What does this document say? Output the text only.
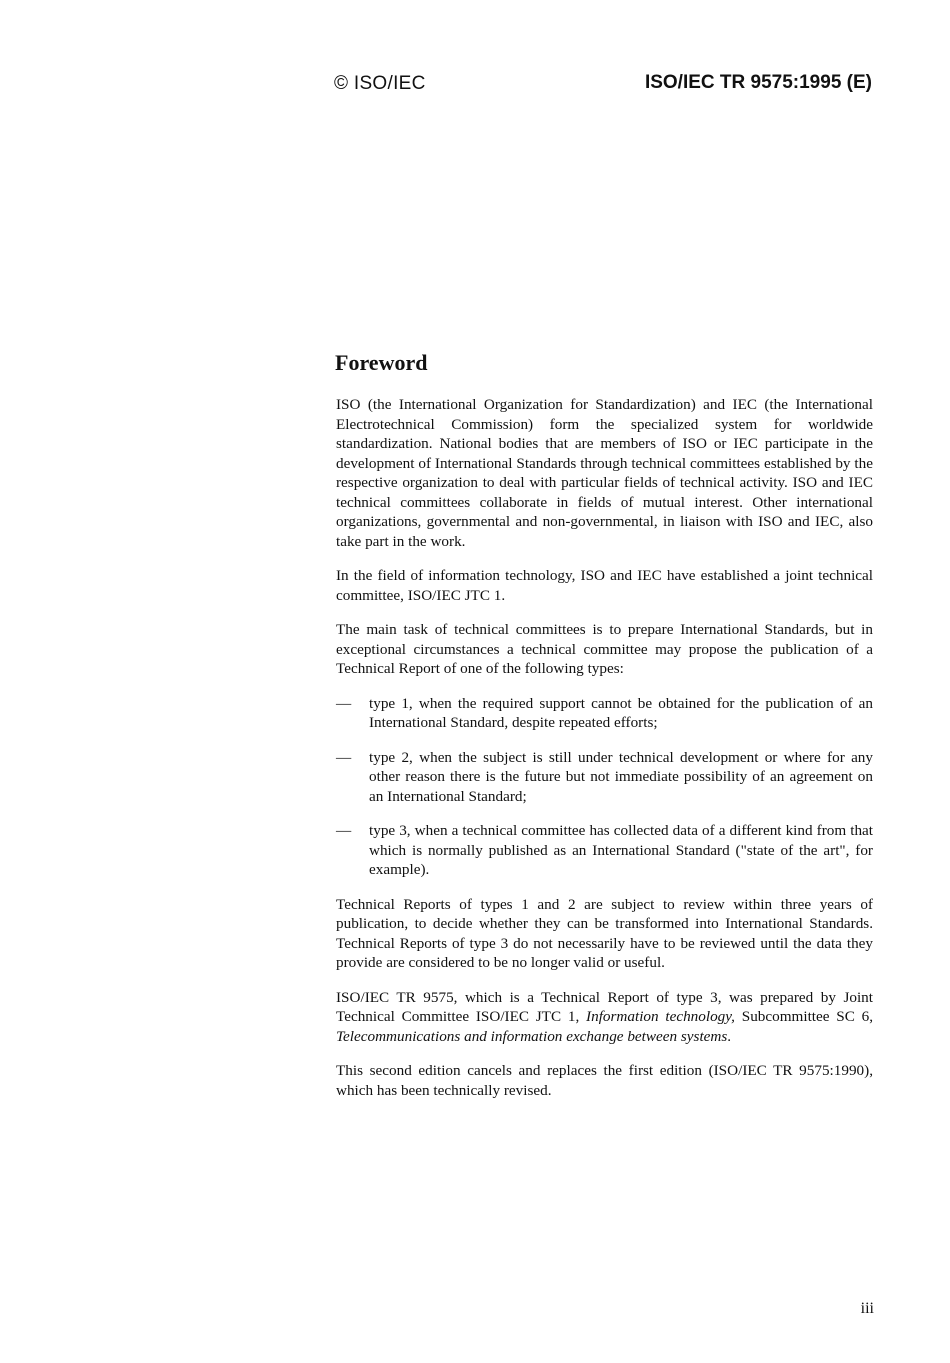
© ISO/IEC	ISO/IEC TR 9575:1995 (E)
Foreword

ISO (the International Organization for Standardization) and IEC (the International Electrotechnical Commission) form the specialized system for worldwide standardization. National bodies that are members of ISO or IEC participate in the development of International Standards through technical committees established by the respective organization to deal with particular fields of technical activity. ISO and IEC technical committees collaborate in fields of mutual interest. Other international organizations, governmental and non-governmental, in liaison with ISO and IEC, also take part in the work.

In the field of information technology, ISO and IEC have established a joint technical committee, ISO/IEC JTC 1.

The main task of technical committees is to prepare International Standards, but in exceptional circumstances a technical committee may propose the publication of a Technical Report of one of the following types:

—	type 1, when the required support cannot be obtained for the publication of an International Standard, despite repeated efforts;
—	type 2, when the subject is still under technical development or where for any other reason there is the future but not immediate possibility of an agreement on an International Standard;
—	type 3, when a technical committee has collected data of a different kind from that which is normally published as an International Standard ("state of the art", for example).

Technical Reports of types 1 and 2 are subject to review within three years of publication, to decide whether they can be transformed into International Standards. Technical Reports of type 3 do not necessarily have to be reviewed until the data they provide are considered to be no longer valid or useful.

ISO/IEC TR 9575, which is a Technical Report of type 3, was prepared by Joint Technical Committee ISO/IEC JTC 1, Information technology, Subcommittee SC 6, Telecommunications and information exchange between systems.

This second edition cancels and replaces the first edition (ISO/IEC TR 9575:1990), which has been technically revised.

iii
